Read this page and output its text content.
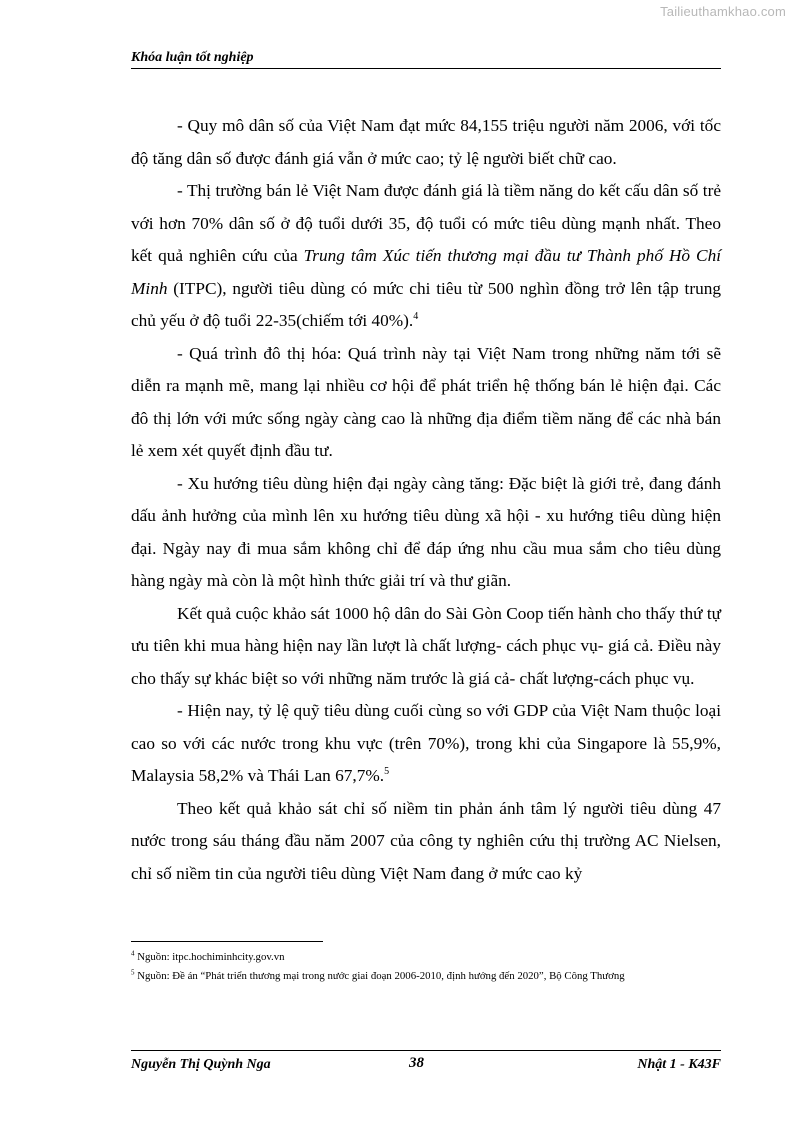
Tailieuthamkhao.com
Khóa luận tốt nghiệp

- Quy mô dân số của Việt Nam đạt mức 84,155 triệu người năm 2006, với tốc độ tăng dân số được đánh giá vẫn ở mức cao; tỷ lệ người biết chữ cao.

- Thị trường bán lẻ Việt Nam được đánh giá là tiềm năng do kết cấu dân số trẻ với hơn 70% dân số ở độ tuổi dưới 35, độ tuổi có mức tiêu dùng mạnh nhất. Theo kết quả nghiên cứu của Trung tâm Xúc tiến thương mại đầu tư Thành phố Hồ Chí Minh (ITPC), người tiêu dùng có mức chi tiêu từ 500 nghìn đồng trở lên tập trung chủ yếu ở độ tuổi 22-35(chiếm tới 40%).$^4$

- Quá trình đô thị hóa: Quá trình này tại Việt Nam trong những năm tới sẽ diễn ra mạnh mẽ, mang lại nhiều cơ hội để phát triển hệ thống bán lẻ hiện đại. Các đô thị lớn với mức sống ngày càng cao là những địa điểm tiềm năng để các nhà bán lẻ xem xét quyết định đầu tư.

- Xu hướng tiêu dùng hiện đại ngày càng tăng: Đặc biệt là giới trẻ, đang đánh dấu ảnh hưởng của mình lên xu hướng tiêu dùng xã hội - xu hướng tiêu dùng hiện đại. Ngày nay đi mua sắm không chỉ để đáp ứng nhu cầu mua sắm cho tiêu dùng hàng ngày mà còn là một hình thức giải trí và thư giãn.

Kết quả cuộc khảo sát 1000 hộ dân do Sài Gòn Coop tiến hành cho thấy thứ tự ưu tiên khi mua hàng hiện nay lần lượt là chất lượng- cách phục vụ- giá cả. Điều này cho thấy sự khác biệt so với những năm trước là giá cả- chất lượng-cách phục vụ.

- Hiện nay, tỷ lệ quỹ tiêu dùng cuối cùng so với GDP của Việt Nam thuộc loại cao so với các nước trong khu vực (trên 70%), trong khi của Singapore là 55,9%, Malaysia 58,2% và Thái Lan 67,7%.$^5$

Theo kết quả khảo sát chỉ số niềm tin phản ánh tâm lý người tiêu dùng 47 nước trong sáu tháng đầu năm 2007 của công ty nghiên cứu thị trường AC Nielsen, chỉ số niềm tin của người tiêu dùng Việt Nam đang ở mức cao kỷ

$^4$ Nguồn: itpc.hochiminhcity.gov.vn

$^5$ Nguồn: Đề án “Phát triển thương mại trong nước giai đoạn 2006-2010, định hướng đến 2020”, Bộ Công Thương

Nguyễn Thị Quỳnh Nga	38	Nhật 1 - K43F
